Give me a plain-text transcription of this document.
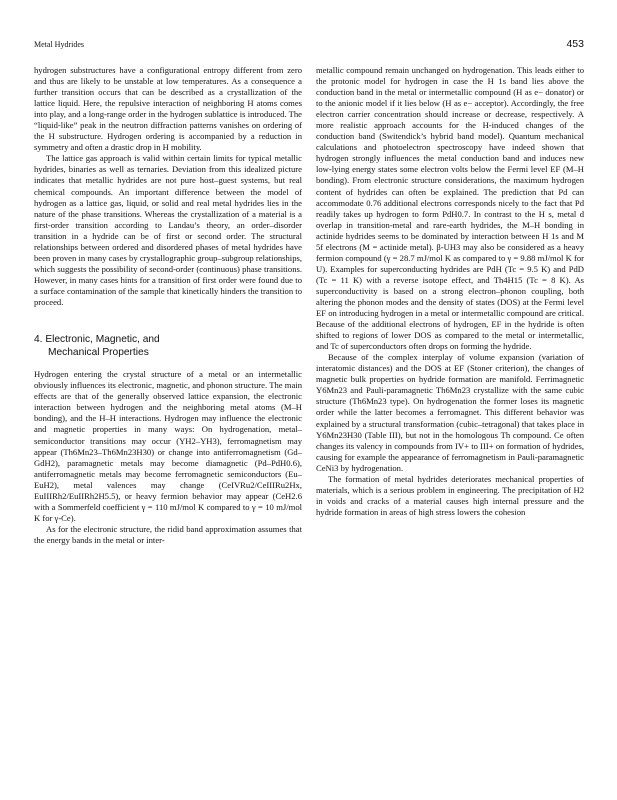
Metal Hydrides	453

hydrogen substructures have a configurational entropy different from zero and thus are likely to be unstable at low temperatures. As a consequence a further transition occurs that can be described as a crystallization of the lattice liquid. Here, the repulsive interaction of neighboring H atoms comes into play, and a long-range order in the hydrogen sublattice is introduced. The “liquid-like” peak in the neutron diffraction patterns vanishes on ordering of the H substructure. Hydrogen ordering is accompanied by a reduction in symmetry and often a drastic drop in H mobility.

The lattice gas approach is valid within certain limits for typical metallic hydrides, binaries as well as ternaries. Deviation from this idealized picture indicates that metallic hydrides are not pure host–guest systems, but real chemical compounds. An important difference between the model of hydrogen as a lattice gas, liquid, or solid and real metal hydrides lies in the nature of the phase transitions. Whereas the crystallization of a material is a first-order transition according to Landau’s theory, an order–disorder transition in a hydride can be of first or second order. The structural relationships between ordered and disordered phases of metal hydrides have been proven in many cases by crystallographic group–subgroup relationships, which suggests the possibility of second-order (continuous) phase transitions. However, in many cases hints for a transition of first order were found due to a surface contamination of the sample that kinetically hinders the transition to proceed.

4. Electronic, Magnetic, and
Mechanical Properties

Hydrogen entering the crystal structure of a metal or an intermetallic obviously influences its electronic, magnetic, and phonon structure. The main effects are that of the generally observed lattice expansion, the electronic interaction between hydrogen and the neighboring metal atoms (M–H bonding), and the H–H interactions. Hydrogen may influence the electronic and magnetic properties in many ways: On hydrogenation, metal–semiconductor transitions may occur (YH2–YH3), ferromagnetism may appear (Th6Mn23–Th6Mn23H30) or change into antiferromagnetism (Gd–GdH2), paramagnetic metals may become diamagnetic (Pd–PdH0.6), antiferromagnetic metals may become ferromagnetic semiconductors (Eu–EuH2), metal valences may change (CeIVRu2/CeIIIRu2Hx, EuIIIRh2/EuIIRh2H5.5), or heavy fermion behavior may appear (CeH2.6 with a Sommerfeld coefficient γ = 110 mJ/mol K compared to γ = 10 mJ/mol K for γ-Ce).

As for the electronic structure, the ridid band approximation assumes that the energy bands in the metal or inter-

metallic compound remain unchanged on hydrogenation. This leads either to the protonic model for hydrogen in case the H 1s band lies above the conduction band in the metal or intermetallic compound (H as e− donator) or to the anionic model if it lies below (H as e− acceptor). Accordingly, the free electron carrier concentration should increase or decrease, respectively. A more realistic approach accounts for the H-induced changes of the conduction band (Switendick’s hybrid band model). Quantum mechanical calculations and photoelectron spectroscopy have indeed shown that hydrogen strongly influences the metal conduction band and induces new low-lying energy states some electron volts below the Fermi level EF (M–H bonding). From electronic structure considerations, the maximum hydrogen content of hydrides can often be explained. The prediction that Pd can accommodate 0.76 additional electrons corresponds nicely to the fact that Pd readily takes up hydrogen to form PdH0.7. In contrast to the H s, metal d overlap in transition-metal and rare-earth hydrides, the M–H bonding in actinide hydrides seems to be dominated by interaction between H 1s and M 5f electrons (M = actinide metal). β-UH3 may also be considered as a heavy fermion compound (γ = 28.7 mJ/mol K as compared to γ = 9.88 mJ/mol K for U). Examples for superconducting hydrides are PdH (Tc = 9.5 K) and PdD (Tc = 11 K) with a reverse isotope effect, and Th4H15 (Tc = 8 K). As superconductivity is based on a strong electron–phonon coupling, both altering the phonon modes and the density of states (DOS) at the Fermi level EF on introducing hydrogen in a metal or intermetallic compound are critical. Because of the additional electrons of hydrogen, EF in the hydride is often shifted to regions of lower DOS as compared to the metal or intermetallic, and Tc of superconductors often drops on forming the hydride.

Because of the complex interplay of volume expansion (variation of interatomic distances) and the DOS at EF (Stoner criterion), the changes of magnetic bulk properties on hydride formation are manifold. Ferrimagnetic Y6Mn23 and Pauli-paramagnetic Th6Mn23 crystallize with the same cubic structure (Th6Mn23 type). On hydrogenation the former loses its magnetic order while the latter becomes a ferromagnet. This different behavior was explained by a structural transformation (cubic–tetragonal) that takes place in Y6Mn23H30 (Table III), but not in the homologous Th compound. Ce often changes its valency in compounds from IV+ to III+ on formation of hydrides, causing for example the appearance of ferromagnetism in Pauli-paramagnetic CeNi3 by hydrogenation.

The formation of metal hydrides deteriorates mechanical properties of materials, which is a serious problem in engineering. The precipitation of H2 in voids and cracks of a material causes high internal pressure and the hydride formation in areas of high stress lowers the cohesion
